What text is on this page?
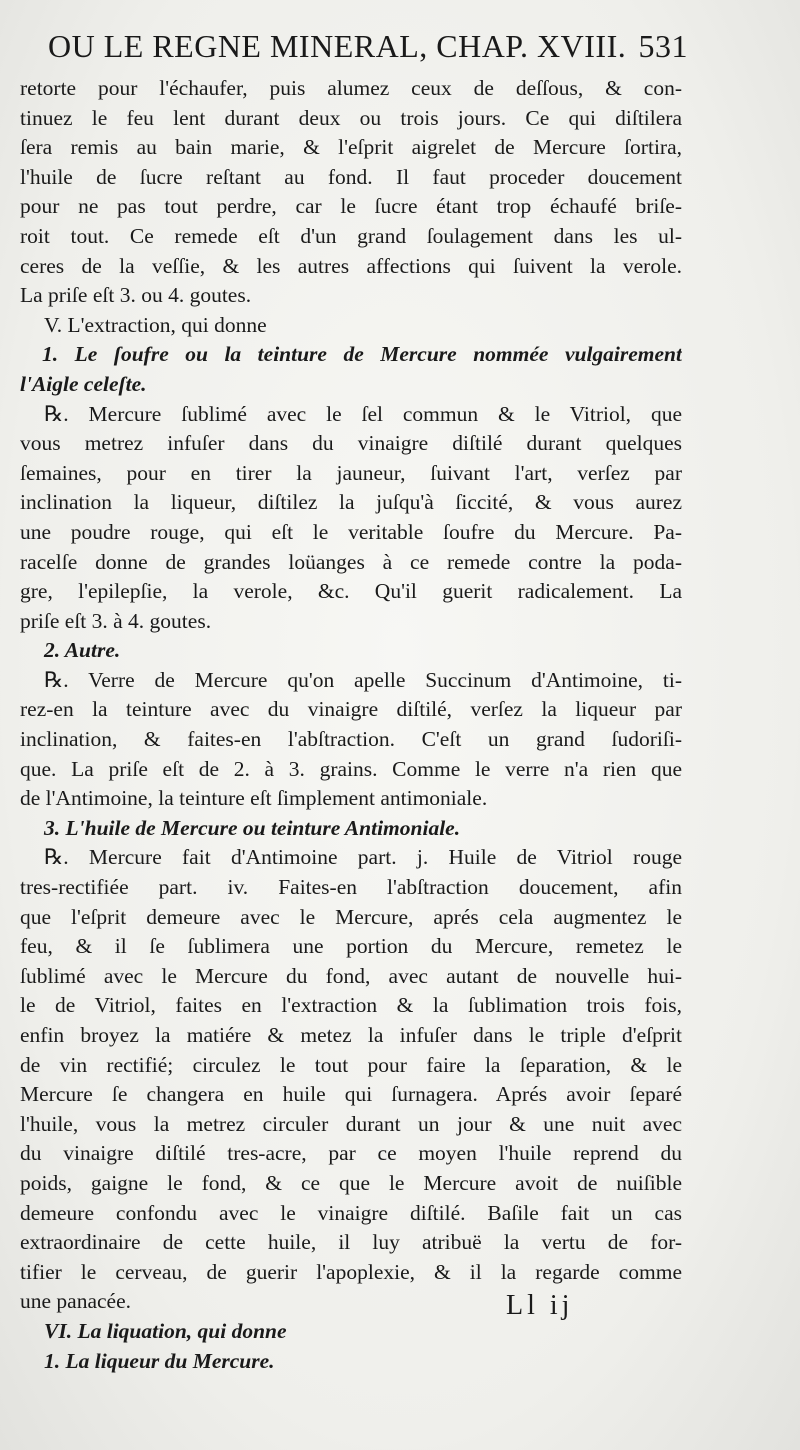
OU LE REGNE MINERAL, CHAP. XVIII. 531
retorte pour l'échaufer, puis alumez ceux de deſſous, & con-
tinuez le feu lent durant deux ou trois jours. Ce qui diſtilera
ſera remis au bain marie, & l'eſprit aigrelet de Mercure ſortira,
l'huile de ſucre reſtant au fond. Il faut proceder doucement
pour ne pas tout perdre, car le ſucre étant trop échaufé briſe-
roit tout. Ce remede eſt d'un grand ſoulagement dans les ul-
ceres de la veſſie, & les autres affections qui ſuivent la verole.
La priſe eſt 3. ou 4. goutes.
V. L'extraction, qui donne
1. Le ſoufre ou la teinture de Mercure nommée vulgairement
l'Aigle celeſte.
℞. Mercure ſublimé avec le ſel commun & le Vitriol, que
vous metrez infuſer dans du vinaigre diſtilé durant quelques
ſemaines, pour en tirer la jauneur, ſuivant l'art, verſez par
inclination la liqueur, diſtilez la juſqu'à ſiccité, & vous aurez
une poudre rouge, qui eſt le veritable ſoufre du Mercure. Pa-
racelſe donne de grandes loüanges à ce remede contre la poda-
gre, l'epilepſie, la verole, &c. Qu'il guerit radicalement. La
priſe eſt 3. à 4. goutes.
2. Autre.
℞. Verre de Mercure qu'on apelle Succinum d'Antimoine, ti-
rez-en la teinture avec du vinaigre diſtilé, verſez la liqueur par
inclination, & faites-en l'abſtraction. C'eſt un grand ſudoriſi-
que. La priſe eſt de 2. à 3. grains. Comme le verre n'a rien que
de l'Antimoine, la teinture eſt ſimplement antimoniale.
3. L'huile de Mercure ou teinture Antimoniale.
℞. Mercure fait d'Antimoine part. j. Huile de Vitriol rouge
tres-rectifiée part. iv. Faites-en l'abſtraction doucement, afin
que l'eſprit demeure avec le Mercure, aprés cela augmentez le
feu, & il ſe ſublimera une portion du Mercure, remetez le
ſublimé avec le Mercure du fond, avec autant de nouvelle hui-
le de Vitriol, faites en l'extraction & la ſublimation trois fois,
enfin broyez la matiére & metez la infuſer dans le triple d'eſprit
de vin rectifié; circulez le tout pour faire la ſeparation, & le
Mercure ſe changera en huile qui ſurnagera. Aprés avoir ſeparé
l'huile, vous la metrez circuler durant un jour & une nuit avec
du vinaigre diſtilé tres-acre, par ce moyen l'huile reprend du
poids, gaigne le fond, & ce que le Mercure avoit de nuiſible
demeure confondu avec le vinaigre diſtilé. Baſile fait un cas
extraordinaire de cette huile, il luy atribuë la vertu de for-
tifier le cerveau, de guerir l'apoplexie, & il la regarde comme
une panacée.
VI. La liquation, qui donne
1. La liqueur du Mercure.
Ll ij
